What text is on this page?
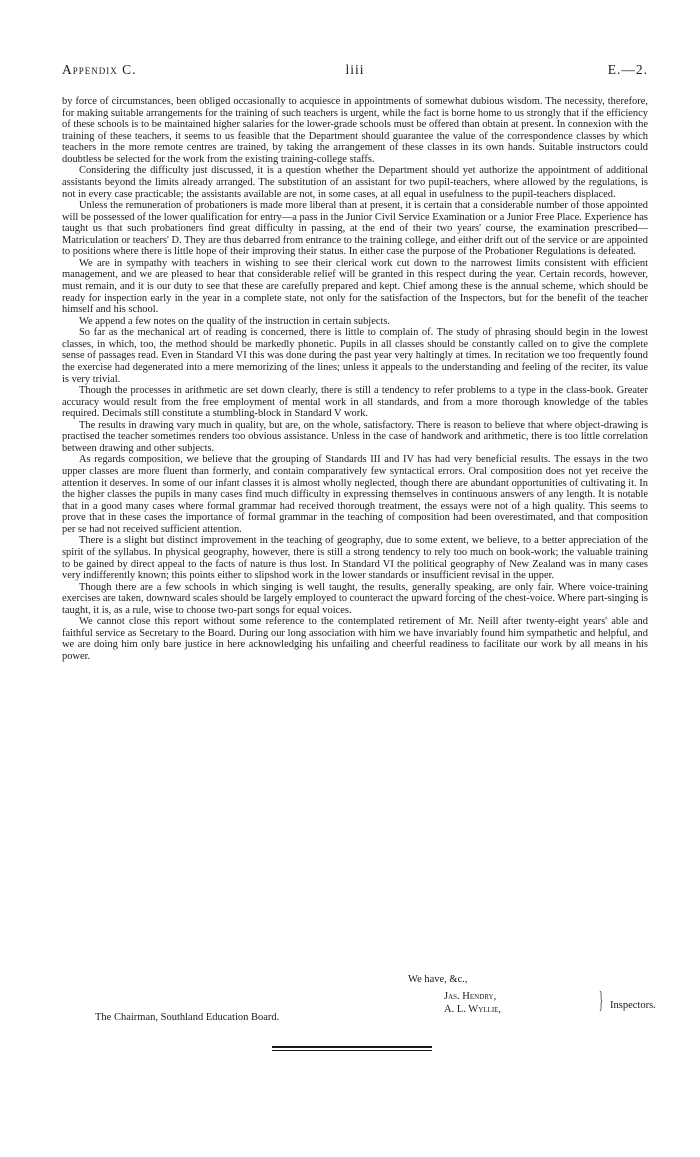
Appendix C.	liii	E.—2.

by force of circumstances, been obliged occasionally to acquiesce in appointments of somewhat dubious wisdom. The necessity, therefore, for making suitable arrangements for the training of such teachers is urgent, while the fact is borne home to us strongly that if the efficiency of these schools is to be maintained higher salaries for the lower-grade schools must be offered than obtain at present. In connexion with the training of these teachers, it seems to us feasible that the Department should guarantee the value of the correspondence classes by which teachers in the more remote centres are trained, by taking the arrangement of these classes in its own hands. Suitable instructors could doubtless be selected for the work from the existing training-college staffs.

Considering the difficulty just discussed, it is a question whether the Department should yet authorize the appointment of additional assistants beyond the limits already arranged. The substitution of an assistant for two pupil-teachers, where allowed by the regulations, is not in every case practicable; the assistants available are not, in some cases, at all equal in usefulness to the pupil-teachers displaced.

Unless the remuneration of probationers is made more liberal than at present, it is certain that a considerable number of those appointed will be possessed of the lower qualification for entry—a pass in the Junior Civil Service Examination or a Junior Free Place. Experience has taught us that such probationers find great difficulty in passing, at the end of their two years' course, the examination prescribed—Matriculation or teachers' D. They are thus debarred from entrance to the training college, and either drift out of the service or are appointed to positions where there is little hope of their improving their status. In either case the purpose of the Probationer Regulations is defeated.

We are in sympathy with teachers in wishing to see their clerical work cut down to the narrowest limits consistent with efficient management, and we are pleased to hear that considerable relief will be granted in this respect during the year. Certain records, however, must remain, and it is our duty to see that these are carefully prepared and kept. Chief among these is the annual scheme, which should be ready for inspection early in the year in a complete state, not only for the satisfaction of the Inspectors, but for the benefit of the teacher himself and his school.

We append a few notes on the quality of the instruction in certain subjects.

So far as the mechanical art of reading is concerned, there is little to complain of. The study of phrasing should begin in the lowest classes, in which, too, the method should be markedly phonetic. Pupils in all classes should be constantly called on to give the complete sense of passages read. Even in Standard VI this was done during the past year very haltingly at times. In recitation we too frequently found the exercise had degenerated into a mere memorizing of the lines; unless it appeals to the understanding and feeling of the reciter, its value is very trivial.

Though the processes in arithmetic are set down clearly, there is still a tendency to refer problems to a type in the class-book. Greater accuracy would result from the free employment of mental work in all standards, and from a more thorough knowledge of the tables required. Decimals still constitute a stumbling-block in Standard V work.

The results in drawing vary much in quality, but are, on the whole, satisfactory. There is reason to believe that where object-drawing is practised the teacher sometimes renders too obvious assistance. Unless in the case of handwork and arithmetic, there is too little correlation between drawing and other subjects.

As regards composition, we believe that the grouping of Standards III and IV has had very beneficial results. The essays in the two upper classes are more fluent than formerly, and contain comparatively few syntactical errors. Oral composition does not yet receive the attention it deserves. In some of our infant classes it is almost wholly neglected, though there are abundant opportunities of cultivating it. In the higher classes the pupils in many cases find much difficulty in expressing themselves in continuous answers of any length. It is notable that in a good many cases where formal grammar had received thorough treatment, the essays were not of a high quality. This seems to prove that in these cases the importance of formal grammar in the teaching of composition had been overestimated, and that composition per se had not received sufficient attention.

There is a slight but distinct improvement in the teaching of geography, due to some extent, we believe, to a better appreciation of the spirit of the syllabus. In physical geography, however, there is still a strong tendency to rely too much on book-work; the valuable training to be gained by direct appeal to the facts of nature is thus lost. In Standard VI the political geography of New Zealand was in many cases very indifferently known; this points either to slipshod work in the lower standards or insufficient revisal in the upper.

Though there are a few schools in which singing is well taught, the results, generally speaking, are only fair. Where voice-training exercises are taken, downward scales should be largely employed to counteract the upward forcing of the chest-voice. Where part-singing is taught, it is, as a rule, wise to choose two-part songs for equal voices.

We cannot close this report without some reference to the contemplated retirement of Mr. Neill after twenty-eight years' able and faithful service as Secretary to the Board. During our long association with him we have invariably found him sympathetic and helpful, and we are doing him only bare justice in here acknowledging his unfailing and cheerful readiness to facilitate our work by all means in his power.

We have, &c.,
Jas. Hendry,
A. L. Wyllie,	} Inspectors.
The Chairman, Southland Education Board.
